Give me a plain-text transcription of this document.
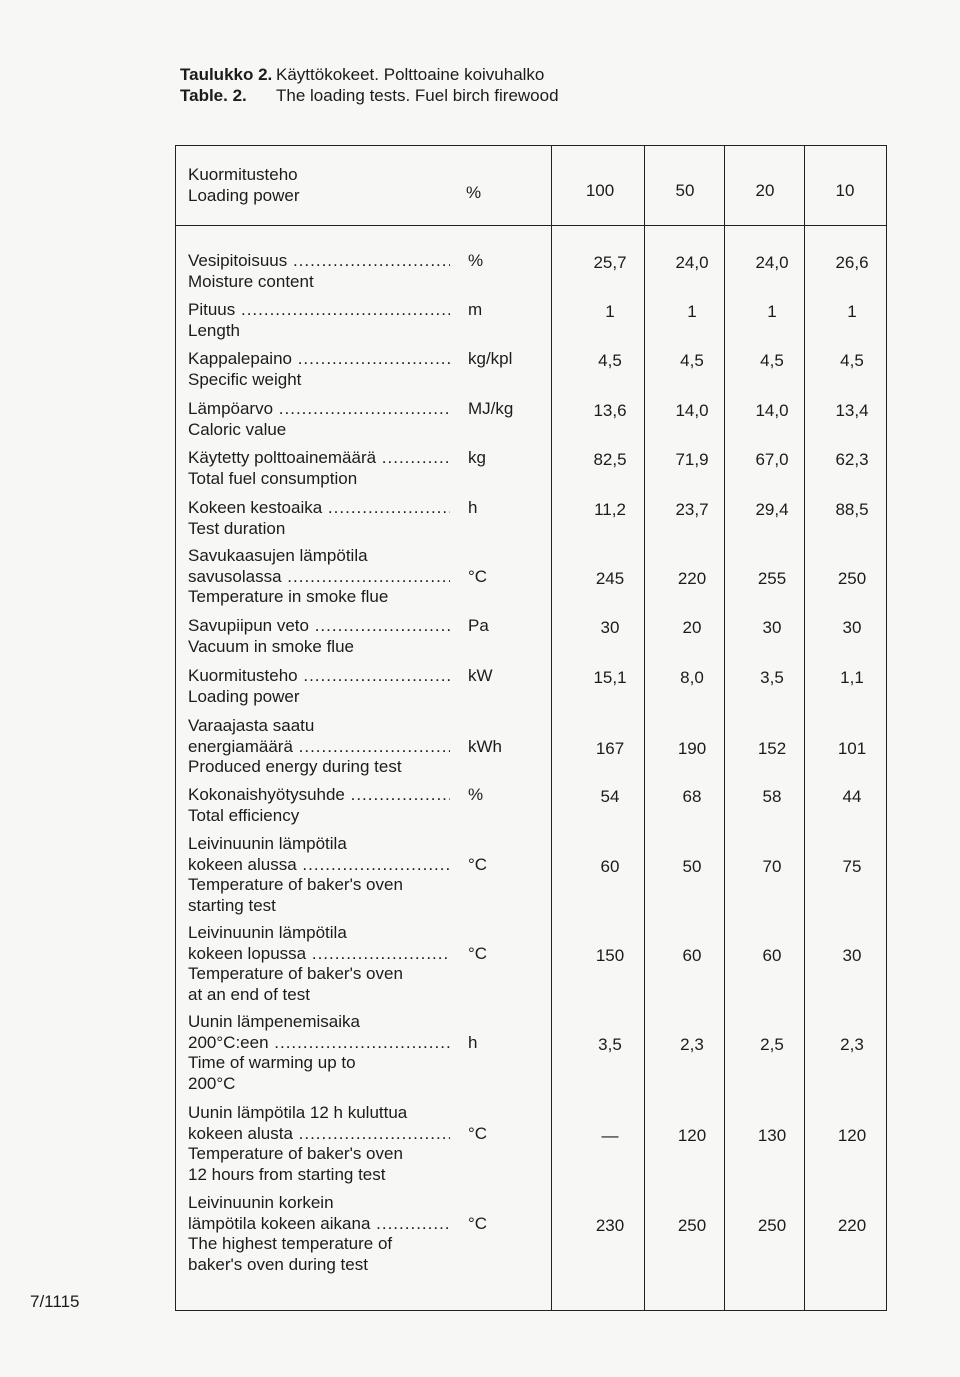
Taulukko 2. Käyttökokeet. Polttoaine koivuhalko
Table. 2.	The loading tests. Fuel birch firewood
Kuormitusteho
Loading power	%	100	50	20	10
Vesipitoisuus .....
Moisture content
%	25,7	24,0	24,0	26,6
Pituus .....
Length
m	1	1	1	1
Kappalepaino .....
Specific weight
kg/kpl	4,5	4,5	4,5	4,5
Lämpöarvo .....
Caloric value
MJ/kg	13,6	14,0	14,0	13,4
Käytetty polttoainemäärä .....
Total fuel consumption
kg	82,5	71,9	67,0	62,3
Kokeen kestoaika .....
Test duration
h	11,2	23,7	29,4	88,5
Savukaasujen lämpötila
savusolassa .....
Temperature in smoke flue
°C	245	220	255	250
Savupiipun veto .....
Vacuum in smoke flue
Pa	30	20	30	30
Kuormitusteho .....
Loading power
kW	15,1	8,0	3,5	1,1
Varaajasta saatu
energiamäärä .....
Produced energy during test
kWh	167	190	152	101
Kokonaishyötysuhde .....
Total efficiency
%	54	68	58	44
Leivinuunin lämpötila
kokeen alussa .....
Temperature of baker's oven
starting test
°C	60	50	70	75
Leivinuunin lämpötila
kokeen lopussa .....
Temperature of baker's oven
at an end of test
°C	150	60	60	30
Uunin lämpenemisaika
200°C:een .....
Time of warming up to
200°C
h	3,5	2,3	2,5	2,3
Uunin lämpötila 12 h kuluttua
kokeen alusta .....
Temperature of baker's oven
12 hours from starting test
°C	—	120	130	120
Leivinuunin korkein
lämpötila kokeen aikana .....
The highest temperature of
baker's oven during test
°C	230	250	250	220
7/1115
